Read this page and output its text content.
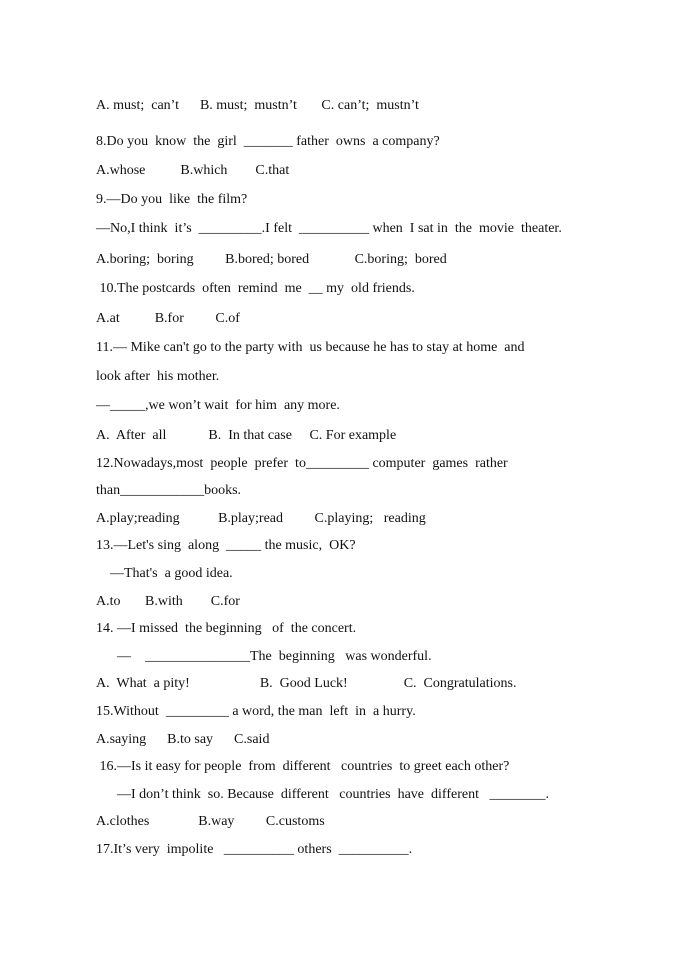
A. must;  can’t      B. must;  mustn’t       C. can’t;  mustn’t
8.Do you  know  the  girl  _______ father  owns  a company?
A.whose          B.which        C.that
9.—Do you  like  the film?
—No,I think  it’s  _________.I felt  __________ when  I sat in  the  movie  theater.
A.boring;  boring         B.bored; bored             C.boring;  bored
10.The postcards  often  remind  me  __ my  old friends.
A.at          B.for         C.of
11.— Mike can't go to the party with  us because he has to stay at home  and
look after  his mother.
—_____,we won’t wait  for him  any more.
A.  After  all            B.  In that case     C. For example
12.Nowadays,most  people  prefer  to_________ computer  games  rather
than____________books.
A.play;reading           B.play;read         C.playing;   reading
13.—Let's sing  along  _____ the music,  OK?
—That's  a good idea.
A.to       B.with        C.for
14. —I missed  the beginning   of  the concert.
—    _______________The  beginning   was wonderful.
A.  What  a pity!                    B.  Good Luck!                C.  Congratulations.
15.Without  _________ a word, the man  left  in  a hurry.
A.saying      B.to say      C.said
16.—Is it easy for people  from  different   countries  to greet each other?
—I don’t think  so. Because  different   countries  have  different   ________.
A.clothes              B.way         C.customs
17.It’s very  impolite   __________ others  __________.
